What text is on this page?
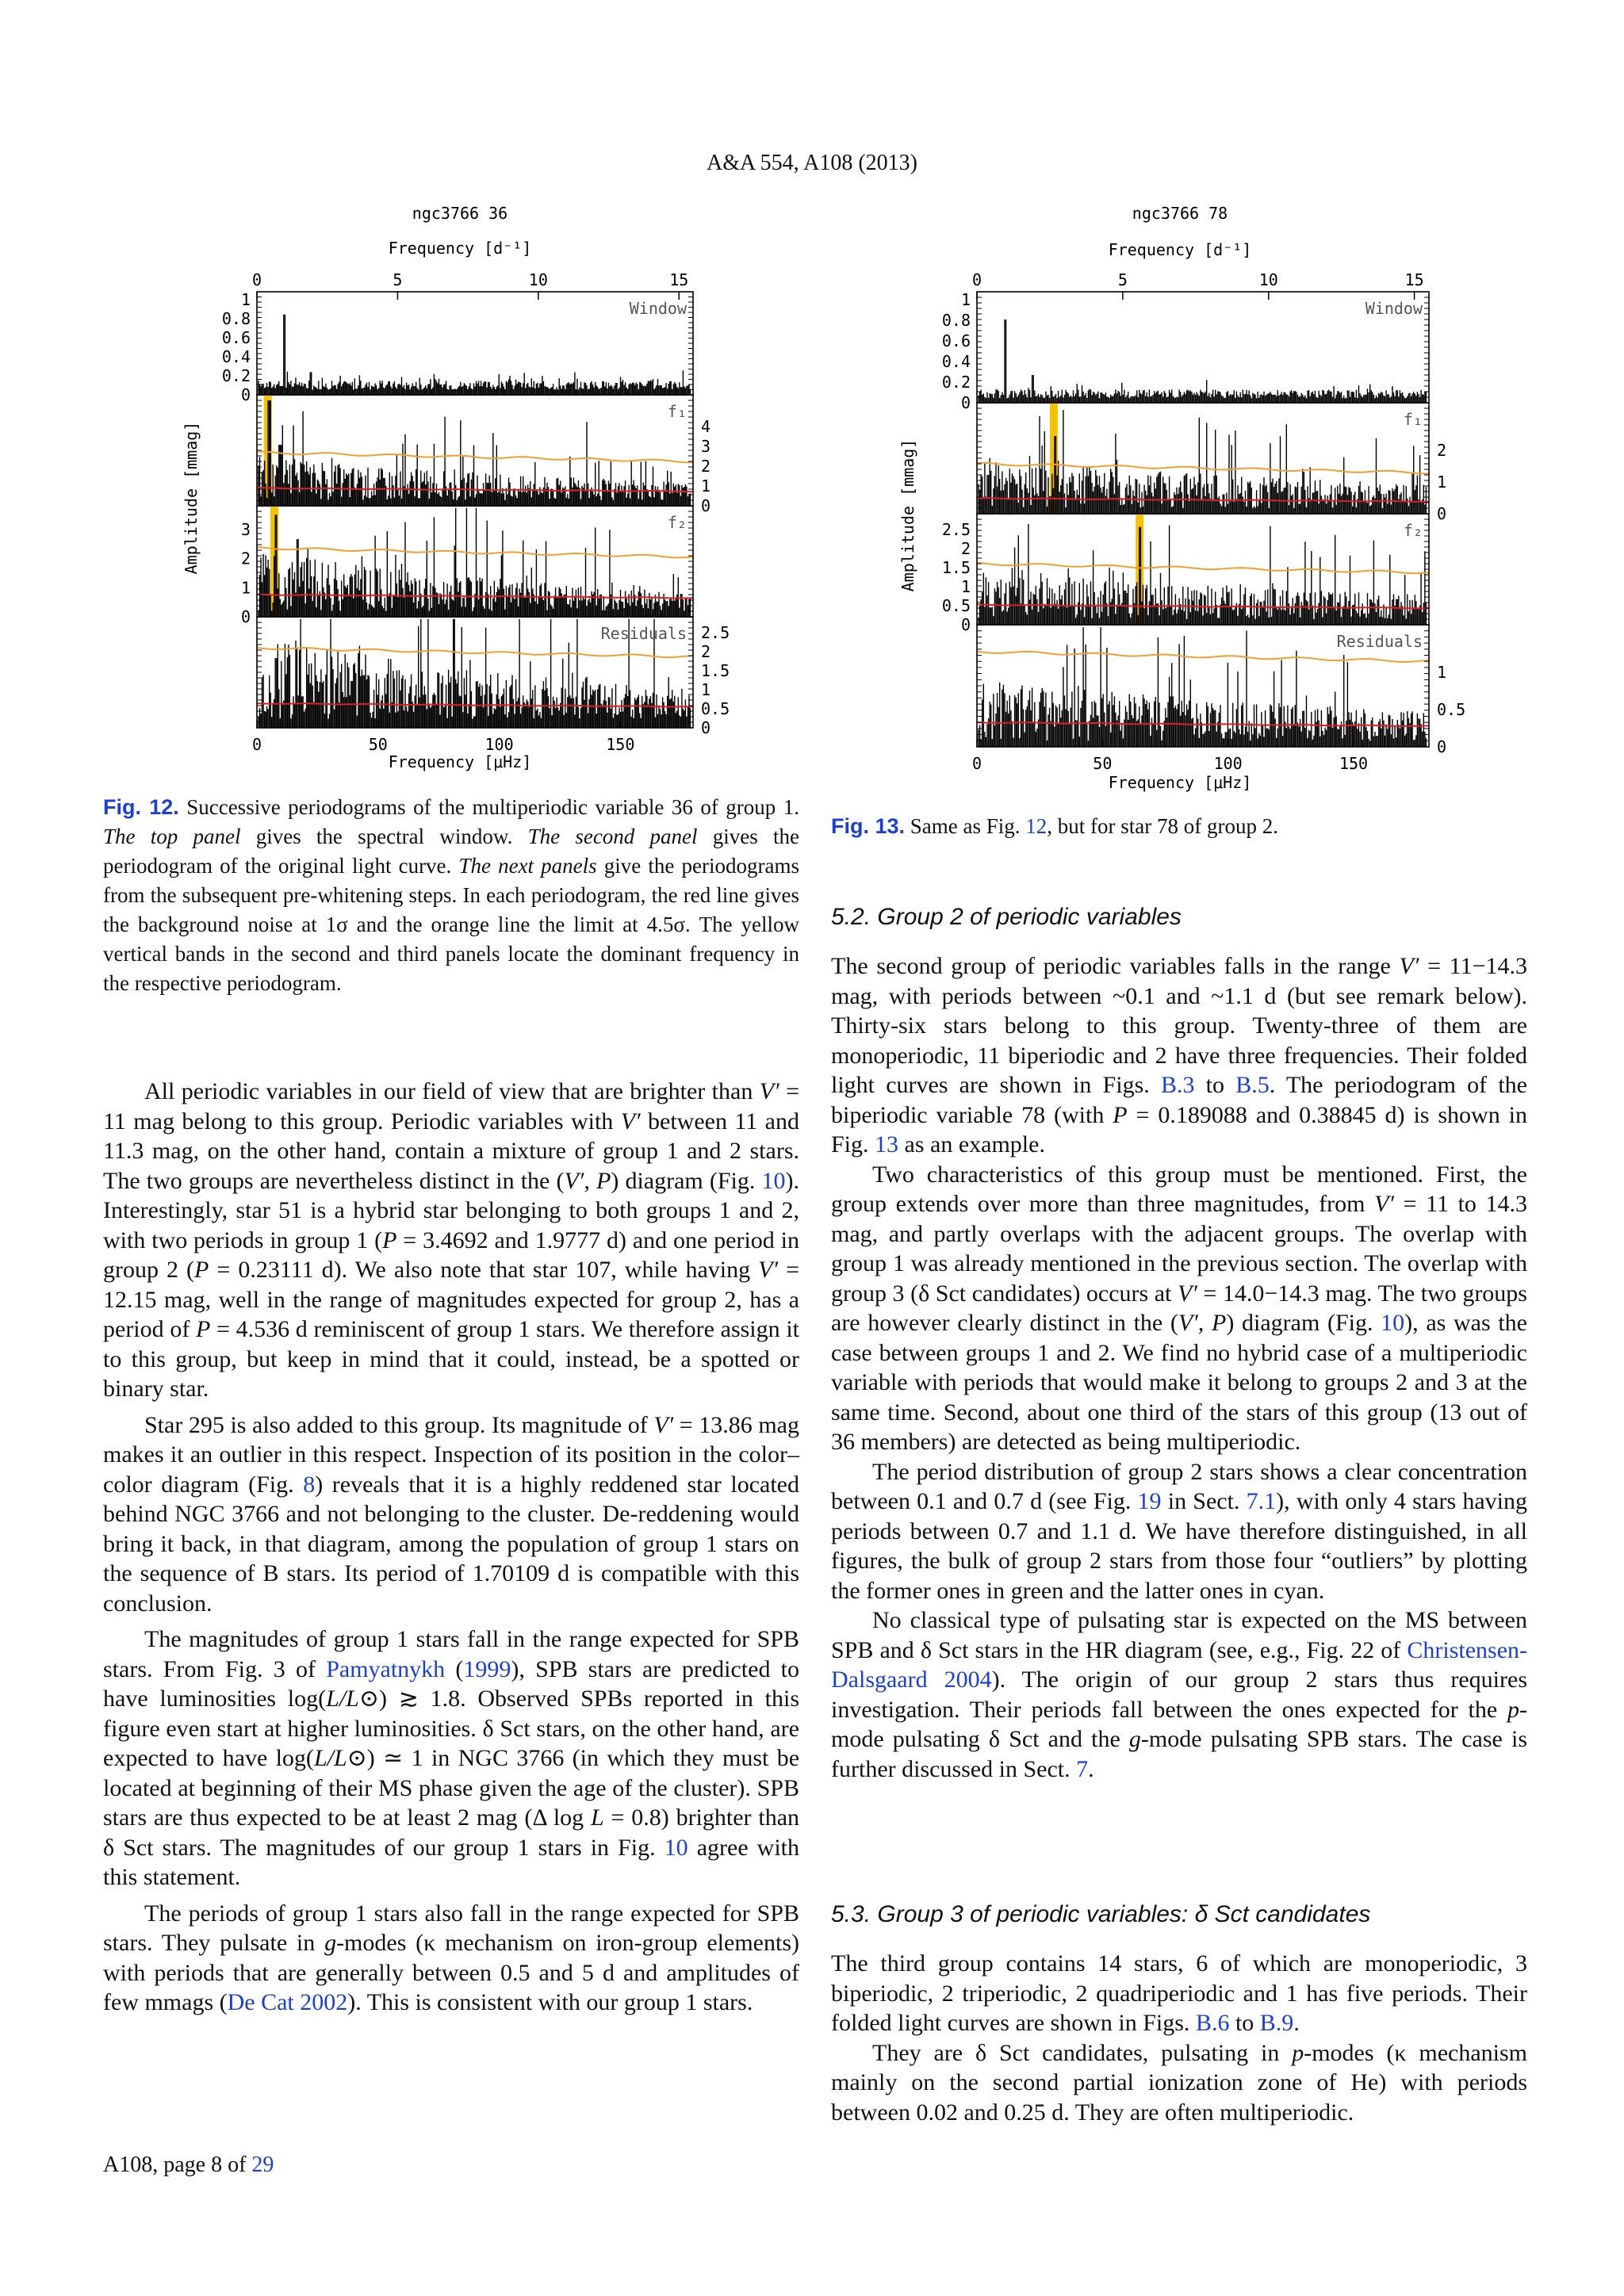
A&A 554, A108 (2013)
ngc3766 36
Frequency [d⁻¹]
Frequency [μHz]
Amplitude [mmag]
0	5	10	15
0	50	100	150
Window
1
0.8
0.6
0.4
0.2
0
f₁
4
3
2
1
0
f₂
3
2
1
0
Residuals 2.5
2
1.5
1
0.5
0
ngc3766 78
Frequency [d⁻¹]
Frequency [μHz]
Amplitude [mmag]
0	5	10	15
0	50	100	150
Window
1
0.8
0.6
0.4
0.2
0
f₁
2
1
0
f₂
2.5
2
1.5
1
0.5
0
Residuals
1
0.5
0
Fig. 12. Successive periodograms of the multiperiodic variable 36 of group 1. The top panel gives the spectral window. The second panel gives the periodogram of the original light curve. The next panels give the periodograms from the subsequent pre-whitening steps. In each periodogram, the red line gives the background noise at 1σ and the orange line the limit at 4.5σ. The yellow vertical bands in the second and third panels locate the dominant frequency in the respective periodogram.
Fig. 13. Same as Fig. 12, but for star 78 of group 2.

All periodic variables in our field of view that are brighter than V′ = 11 mag belong to this group. Periodic variables with V′ between 11 and 11.3 mag, on the other hand, contain a mixture of group 1 and 2 stars. The two groups are nevertheless distinct in the (V′, P) diagram (Fig. 10). Interestingly, star 51 is a hybrid star belonging to both groups 1 and 2, with two periods in group 1 (P = 3.4692 and 1.9777 d) and one period in group 2 (P = 0.23111 d). We also note that star 107, while having V′ = 12.15 mag, well in the range of magnitudes expected for group 2, has a period of P = 4.536 d reminiscent of group 1 stars. We therefore assign it to this group, but keep in mind that it could, instead, be a spotted or binary star.

Star 295 is also added to this group. Its magnitude of V′ = 13.86 mag makes it an outlier in this respect. Inspection of its position in the color–color diagram (Fig. 8) reveals that it is a highly reddened star located behind NGC 3766 and not belonging to the cluster. De-reddening would bring it back, in that diagram, among the population of group 1 stars on the sequence of B stars. Its period of 1.70109 d is compatible with this conclusion.

The magnitudes of group 1 stars fall in the range expected for SPB stars. From Fig. 3 of Pamyatnykh (1999), SPB stars are predicted to have luminosities log(L/L⊙) ≳ 1.8. Observed SPBs reported in this figure even start at higher luminosities. δ Sct stars, on the other hand, are expected to have log(L/L⊙) ≃ 1 in NGC 3766 (in which they must be located at beginning of their MS phase given the age of the cluster). SPB stars are thus expected to be at least 2 mag (Δ log L = 0.8) brighter than δ Sct stars. The magnitudes of our group 1 stars in Fig. 10 agree with this statement.

The periods of group 1 stars also fall in the range expected for SPB stars. They pulsate in g-modes (κ mechanism on iron-group elements) with periods that are generally between 0.5 and 5 d and amplitudes of few mmags (De Cat 2002). This is consistent with our group 1 stars.

5.2. Group 2 of periodic variables

The second group of periodic variables falls in the range V′ = 11−14.3 mag, with periods between ~0.1 and ~1.1 d (but see remark below). Thirty-six stars belong to this group. Twenty-three of them are monoperiodic, 11 biperiodic and 2 have three frequencies. Their folded light curves are shown in Figs. B.3 to B.5. The periodogram of the biperiodic variable 78 (with P = 0.189088 and 0.38845 d) is shown in Fig. 13 as an example.

Two characteristics of this group must be mentioned. First, the group extends over more than three magnitudes, from V′ = 11 to 14.3 mag, and partly overlaps with the adjacent groups. The overlap with group 1 was already mentioned in the previous section. The overlap with group 3 (δ Sct candidates) occurs at V′ = 14.0−14.3 mag. The two groups are however clearly distinct in the (V′, P) diagram (Fig. 10), as was the case between groups 1 and 2. We find no hybrid case of a multiperiodic variable with periods that would make it belong to groups 2 and 3 at the same time. Second, about one third of the stars of this group (13 out of 36 members) are detected as being multiperiodic.

The period distribution of group 2 stars shows a clear concentration between 0.1 and 0.7 d (see Fig. 19 in Sect. 7.1), with only 4 stars having periods between 0.7 and 1.1 d. We have therefore distinguished, in all figures, the bulk of group 2 stars from those four “outliers” by plotting the former ones in green and the latter ones in cyan.

No classical type of pulsating star is expected on the MS between SPB and δ Sct stars in the HR diagram (see, e.g., Fig. 22 of Christensen-Dalsgaard 2004). The origin of our group 2 stars thus requires investigation. Their periods fall between the ones expected for the p-mode pulsating δ Sct and the g-mode pulsating SPB stars. The case is further discussed in Sect. 7.

5.3. Group 3 of periodic variables: δ Sct candidates

The third group contains 14 stars, 6 of which are monoperiodic, 3 biperiodic, 2 triperiodic, 2 quadriperiodic and 1 has five periods. Their folded light curves are shown in Figs. B.6 to B.9.

They are δ Sct candidates, pulsating in p-modes (κ mechanism mainly on the second partial ionization zone of He) with periods between 0.02 and 0.25 d. They are often multiperiodic.

A108, page 8 of 29
